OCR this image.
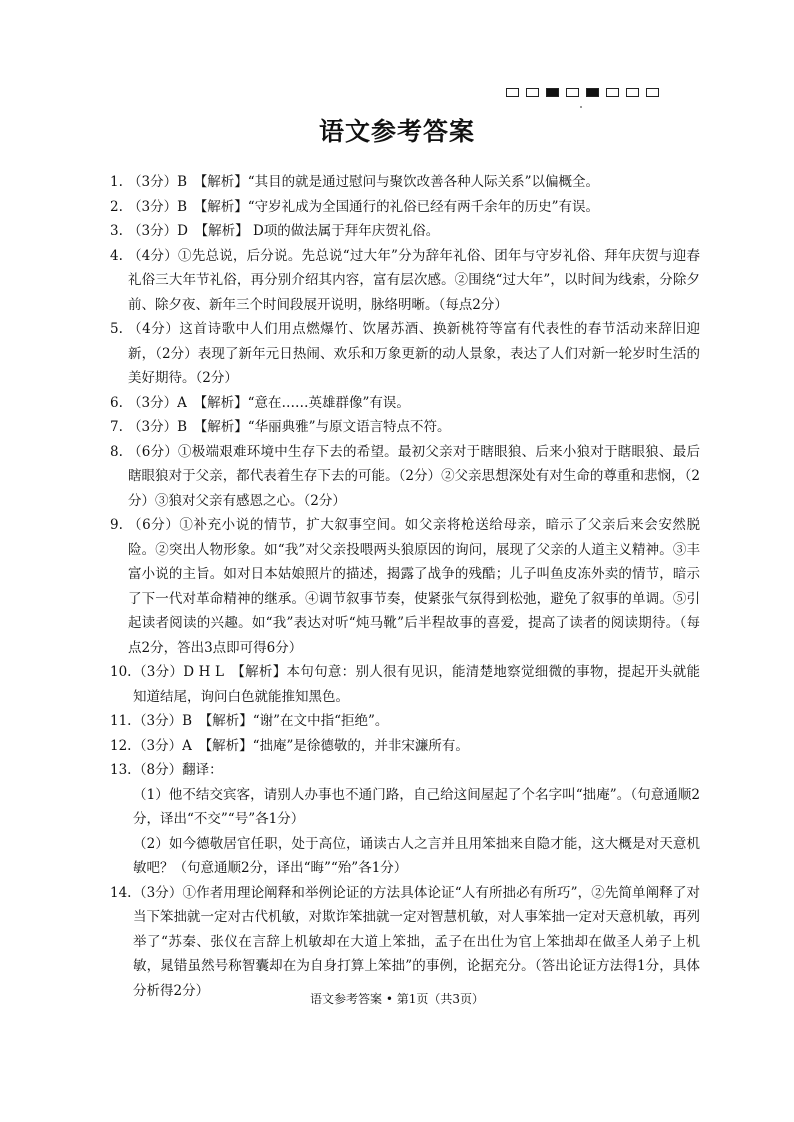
语文参考答案
1. （3分）B　【解析】“其目的就是通过慰问与聚饮改善各种人际关系”以偏概全。
2. （3分）B　【解析】“守岁礼成为全国通行的礼俗已经有两千余年的历史”有误。
3. （3分）D　【解析】 D项的做法属于拜年庆贺礼俗。
4. （4分）①先总说，后分说。先总说“过大年”分为辞年礼俗、团年与守岁礼俗、拜年庆贺与迎春礼俗三大年节礼俗，再分别介绍其内容，富有层次感。②围绕“过大年”，以时间为线索，分除夕前、除夕夜、新年三个时间段展开说明，脉络明晰。（每点2分）
5. （4分）这首诗歌中人们用点燃爆竹、饮屠苏酒、换新桃符等富有代表性的春节活动来辞旧迎新，（2分）表现了新年元日热闹、欢乐和万象更新的动人景象，表达了人们对新一轮岁时生活的美好期待。（2分）
6. （3分）A　【解析】“意在……英雄群像”有误。
7. （3分）B　【解析】“华丽典雅”与原文语言特点不符。
8. （6分）①极端艰难环境中生存下去的希望。最初父亲对于瞎眼狼、后来小狼对于瞎眼狼、最后瞎眼狼对于父亲，都代表着生存下去的可能。（2分）②父亲思想深处有对生命的尊重和悲悯，（2分）③狼对父亲有感恩之心。（2分）
9. （6分）①补充小说的情节，扩大叙事空间。如父亲将枪送给母亲，暗示了父亲后来会安然脱险。②突出人物形象。如“我”对父亲投喂两头狼原因的询问，展现了父亲的人道主义精神。③丰富小说的主旨。如对日本姑娘照片的描述，揭露了战争的残酷；儿子叫鱼皮冻外卖的情节，暗示了下一代对革命精神的继承。④调节叙事节奏，使紧张气氛得到松弛，避免了叙事的单调。⑤引起读者阅读的兴趣。如“我”表达对听“炖马靴”后半程故事的喜爱，提高了读者的阅读期待。（每点2分，答出3点即可得6分）
10. （3分）D H L　【解析】本句句意：别人很有见识，能清楚地察觉细微的事物，提起开头就能知道结尾，询问白色就能推知黑色。
11. （3分）B　【解析】“谢”在文中指“拒绝”。
12. （3分）A　【解析】“拙庵”是徐德敬的，并非宋濂所有。
13. （8分）翻译：
（1）他不结交宾客，请别人办事也不通门路，自己给这间屋起了个名字叫“拙庵”。（句意通顺2分，译出“不交”“号”各1分）
（2）如今德敬居官任职，处于高位，诵读古人之言并且用笨拙来自隐才能，这大概是对天意机敏吧？（句意通顺2分，译出“晦”“殆”各1分）
14. （3分）①作者用理论阐释和举例论证的方法具体论证“人有所拙必有所巧”，②先简单阐释了对当下笨拙就一定对古代机敏，对欺诈笨拙就一定对智慧机敏，对人事笨拙一定对天意机敏，再列举了“苏秦、张仪在言辞上机敏却在大道上笨拙，孟子在出仕为官上笨拙却在做圣人弟子上机敏，晁错虽然号称智囊却在为自身打算上笨拙”的事例，论据充分。（答出论证方法得1分，具体分析得2分）
语文参考答案 • 第1页（共3页）
